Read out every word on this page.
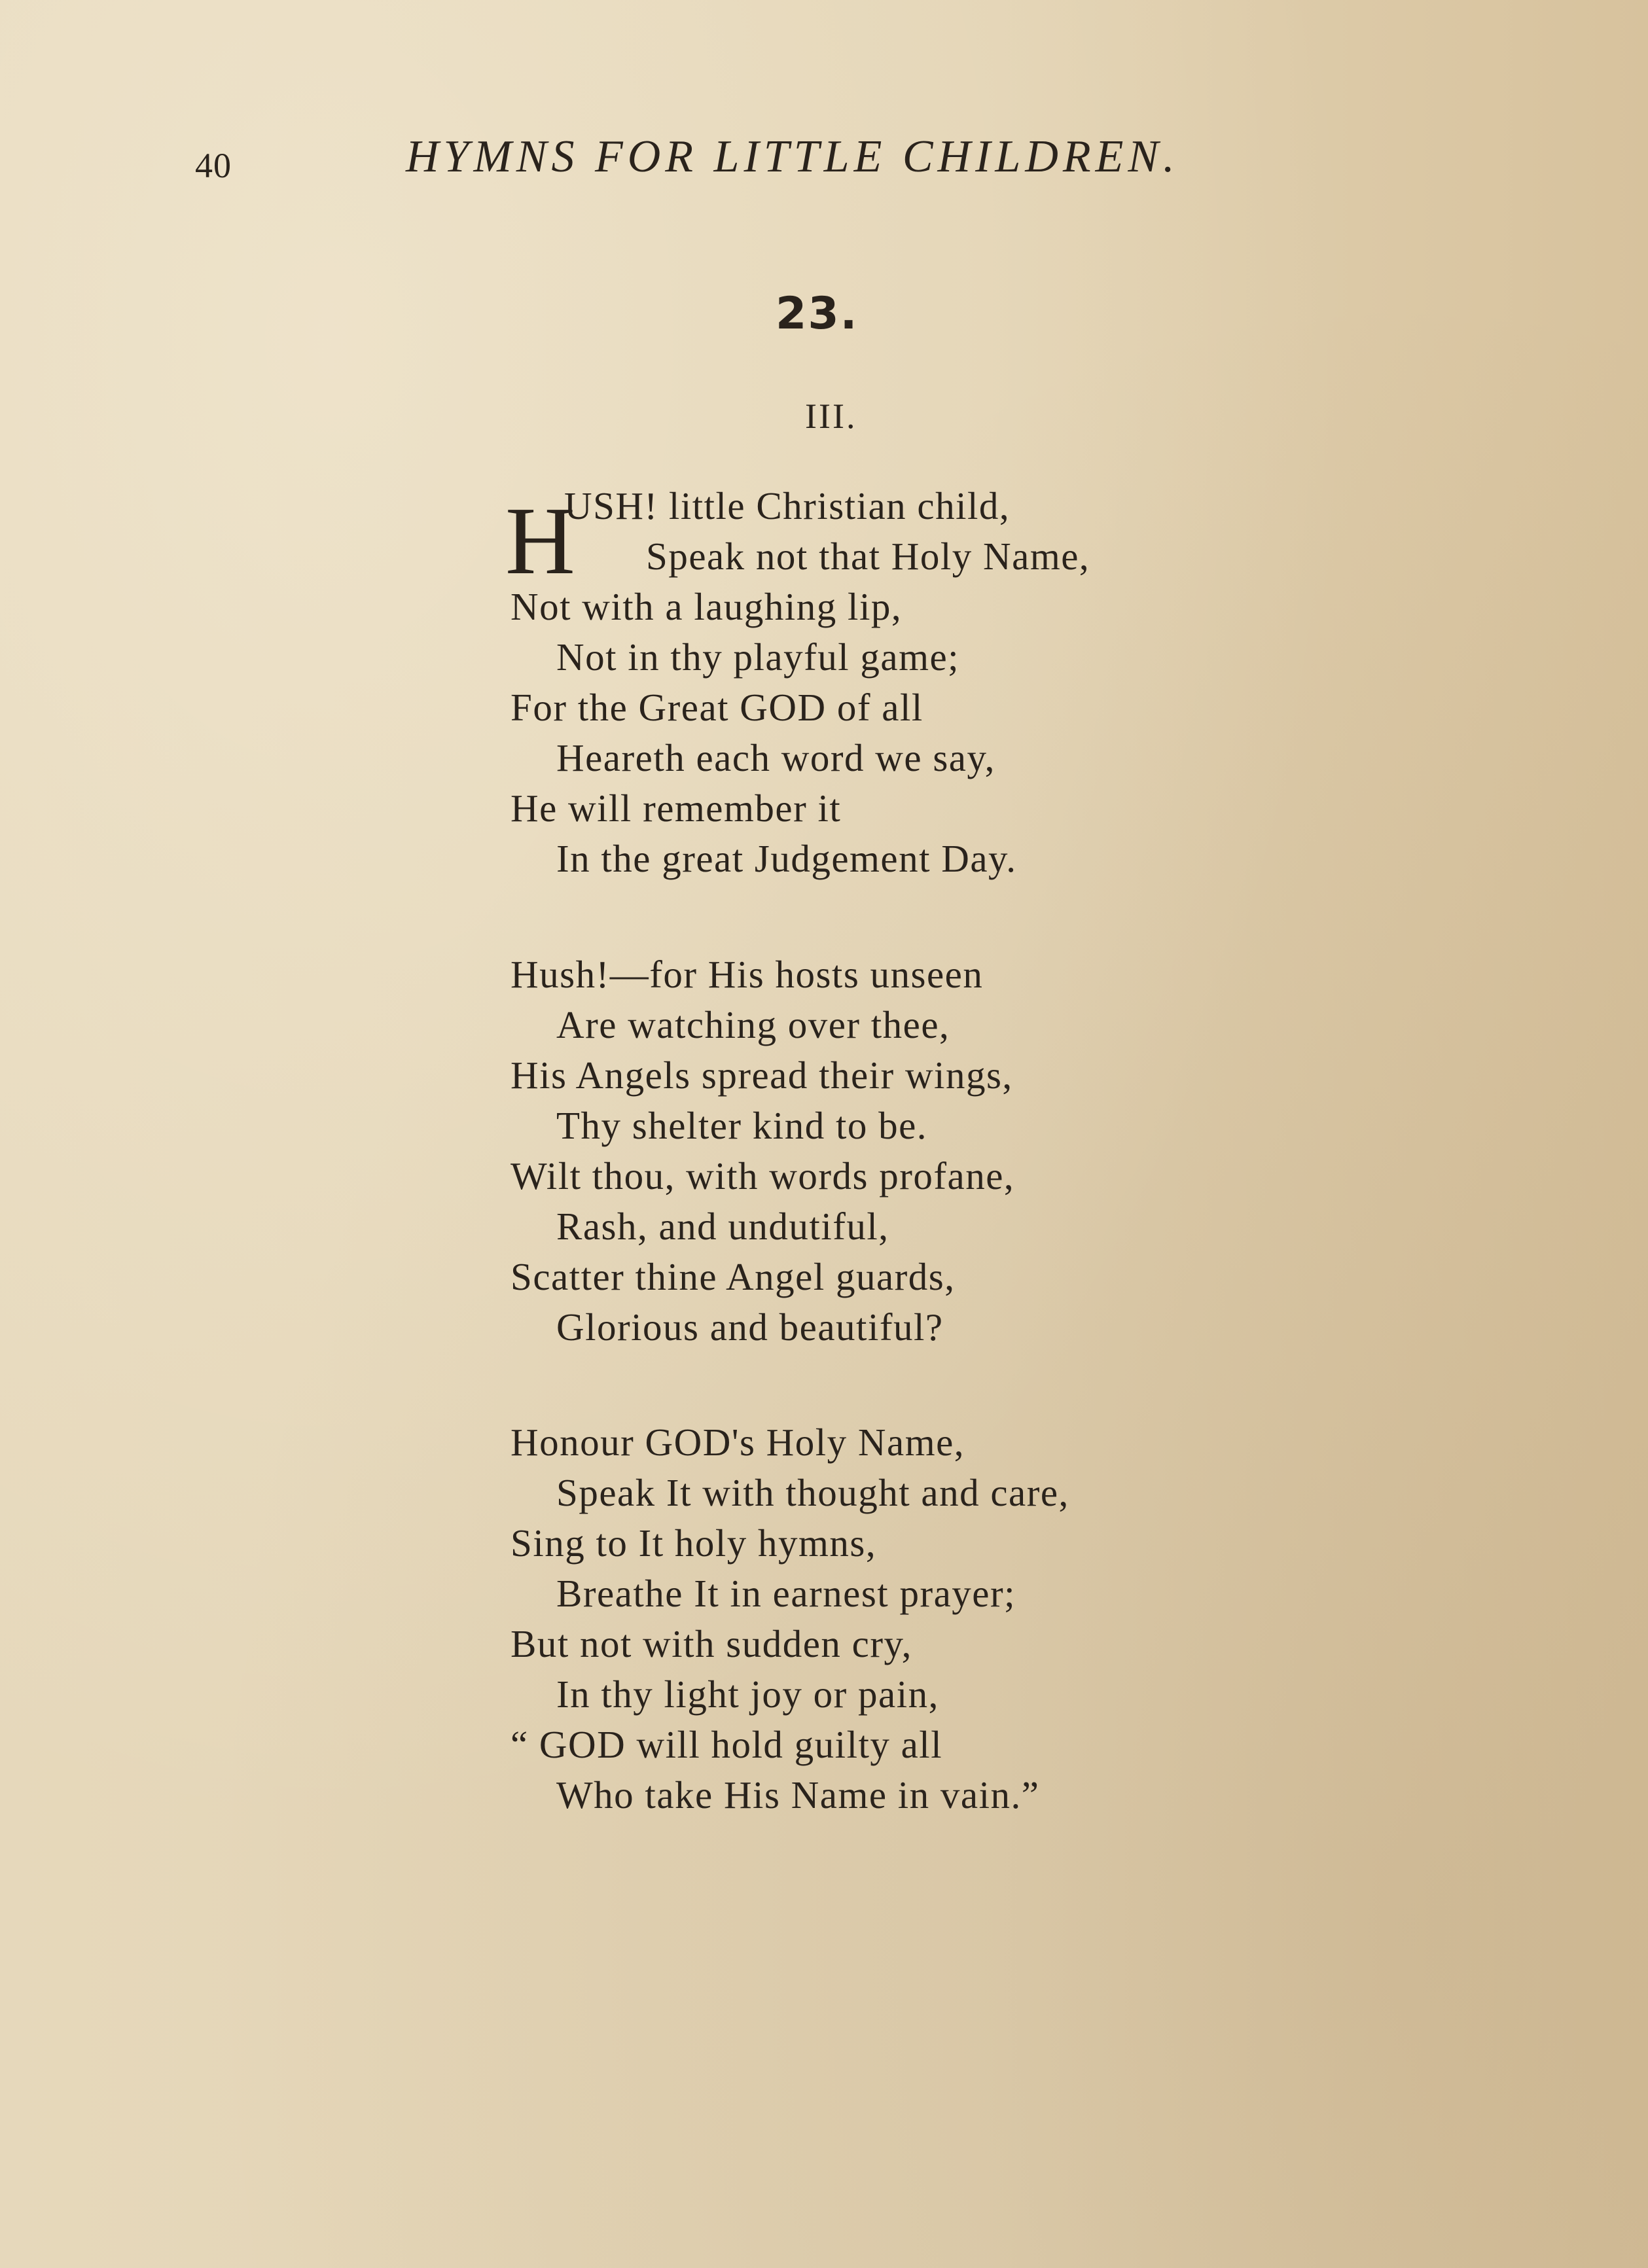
40	HYMNS FOR LITTLE CHILDREN.
23.
III.
H
USH! little Christian child,
Speak not that Holy Name,
Not with a laughing lip,
Not in thy playful game;
For the Great GOD of all
Heareth each word we say,
He will remember it
In the great Judgement Day.
Hush!—for His hosts unseen
Are watching over thee,
His Angels spread their wings,
Thy shelter kind to be.
Wilt thou, with words profane,
Rash, and undutiful,
Scatter thine Angel guards,
Glorious and beautiful?
Honour GOD's Holy Name,
Speak It with thought and care,
Sing to It holy hymns,
Breathe It in earnest prayer;
But not with sudden cry,
In thy light joy or pain,
“ GOD will hold guilty all
Who take His Name in vain.”
